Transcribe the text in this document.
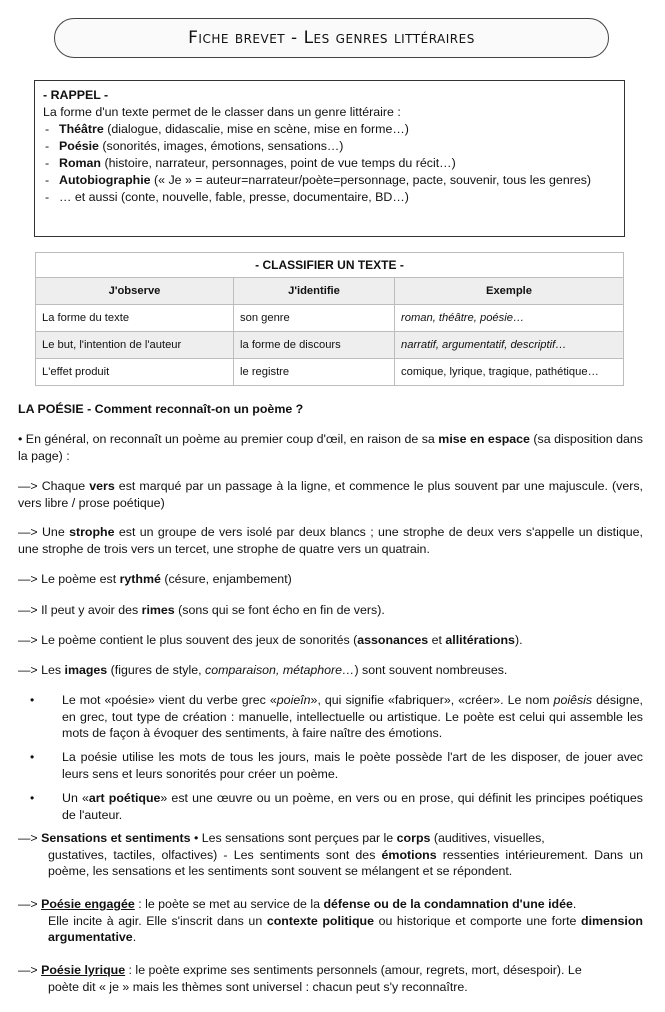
Fiche brevet - Les genres littéraires
- RAPPEL -
La forme d'un texte permet de le classer dans un genre littéraire :
- Théâtre (dialogue, didascalie, mise en scène, mise en forme…)
- Poésie (sonorités, images, émotions, sensations…)
- Roman (histoire, narrateur, personnages, point de vue temps du récit…)
- Autobiographie (« Je » = auteur=narrateur/poète=personnage, pacte, souvenir, tous les genres)
- … et aussi (conte, nouvelle, fable, presse, documentaire, BD…)
- CLASSIFIER UN TEXTE -		
J'observe	J'identifie	Exemple
La forme du texte	son genre	roman, théâtre, poésie…
Le but, l'intention de l'auteur	la forme de discours	narratif, argumentatif, descriptif…
L'effet produit	le registre	comique, lyrique, tragique, pathétique…
LA POÉSIE - Comment reconnaît-on un poème ?
• En général, on reconnaît un poème au premier coup d'œil, en raison de sa mise en espace (sa disposition dans la page) :
—> Chaque vers est marqué par un passage à la ligne, et commence le plus souvent par une majuscule. (vers, vers libre / prose poétique)
—> Une strophe est un groupe de vers isolé par deux blancs ; une strophe de deux vers s'appelle un distique, une strophe de trois vers un tercet, une strophe de quatre vers un quatrain.
—> Le poème est rythmé (césure, enjambement)
—> Il peut y avoir des rimes (sons qui se font écho en fin de vers).
—> Le poème contient le plus souvent des jeux de sonorités (assonances et allitérations).
—> Les images (figures de style, comparaison, métaphore…) sont souvent nombreuses.
• Le mot «poésie» vient du verbe grec «poieîn», qui signifie «fabriquer», «créer». Le nom poiêsis désigne, en grec, tout type de création : manuelle, intellectuelle ou artistique. Le poète est celui qui assemble les mots de façon à évoquer des sentiments, à faire naître des émotions.
• La poésie utilise les mots de tous les jours, mais le poète possède l'art de les disposer, de jouer avec leurs sens et leurs sonorités pour créer un poème.
• Un «art poétique» est une œuvre ou un poème, en vers ou en prose, qui définit les principes poétiques de l'auteur.
—> Sensations et sentiments • Les sensations sont perçues par le corps (auditives, visuelles,
gustatives, tactiles, olfactives) - Les sentiments sont des émotions ressenties intérieurement. Dans un poème, les sensations et les sentiments sont souvent se mélangent et se répondent.
—> Poésie engagée : le poète se met au service de la défense ou de la condamnation d'une idée.
Elle incite à agir. Elle s'inscrit dans un contexte politique ou historique et comporte une forte dimension argumentative.
—> Poésie lyrique : le poète exprime ses sentiments personnels (amour, regrets, mort, désespoir). Le
poète dit « je » mais les thèmes sont universel : chacun peut s'y reconnaître.
